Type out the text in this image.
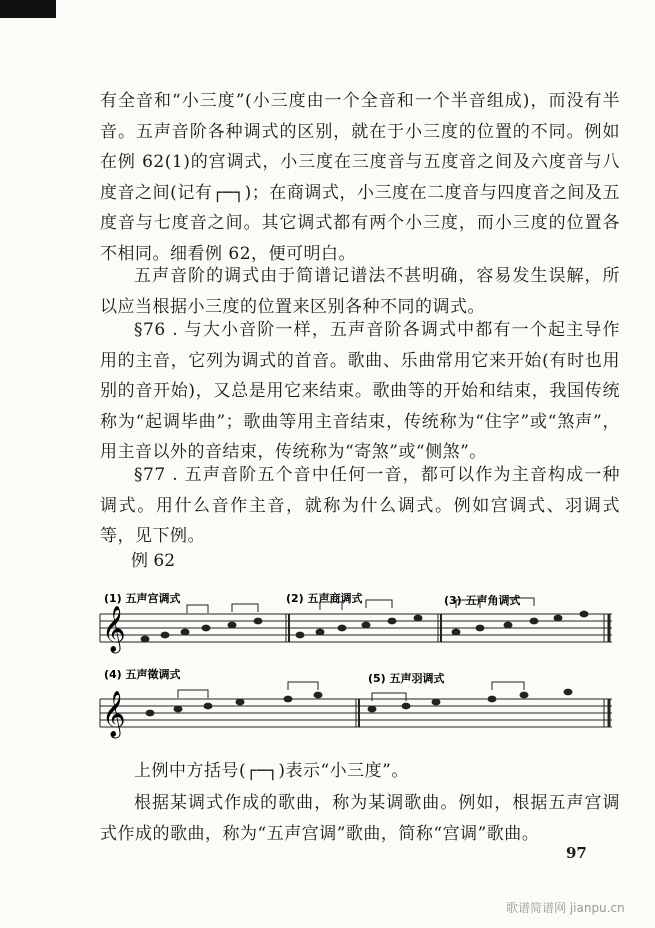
有全音和“小三度”(小三度由一个全音和一个半音组成)，而没有半音。五声音阶各种调式的区别，就在于小三度的位置的不同。例如在例 62(1)的宫调式，小三度在三度音与五度音之间及六度音与八度音之间(记有┌─┐)；在商调式，小三度在二度音与四度音之间及五度音与七度音之间。其它调式都有两个小三度，而小三度的位置各不相同。细看例 62，便可明白。

五声音阶的调式由于简谱记谱法不甚明确，容易发生误解，所以应当根据小三度的位置来区别各种不同的调式。

§76 . 与大小音阶一样，五声音阶各调式中都有一个起主导作用的主音，它列为调式的首音。歌曲、乐曲常用它来开始(有时也用别的音开始)，又总是用它来结束。歌曲等的开始和结束，我国传统称为“起调毕曲”；歌曲等用主音结束，传统称为“住字”或“煞声”，用主音以外的音结束，传统称为“寄煞”或“侧煞”。

§77 . 五声音阶五个音中任何一音，都可以作为主音构成一种调式。用什么音作主音，就称为什么调式。例如宫调式、羽调式等，见下例。

例 62
𝄞
(1) 五声宫调式	(2) 五声商调式	(3) 五声角调式
𝄞
(4) 五声徵调式	(5) 五声羽调式

上例中方括号(┌─┐)表示“小三度”。

根据某调式作成的歌曲，称为某调歌曲。例如，根据五声宫调式作成的歌曲，称为“五声宫调”歌曲，简称“宫调”歌曲。

97
歌谱简谱网 jianpu.cn
